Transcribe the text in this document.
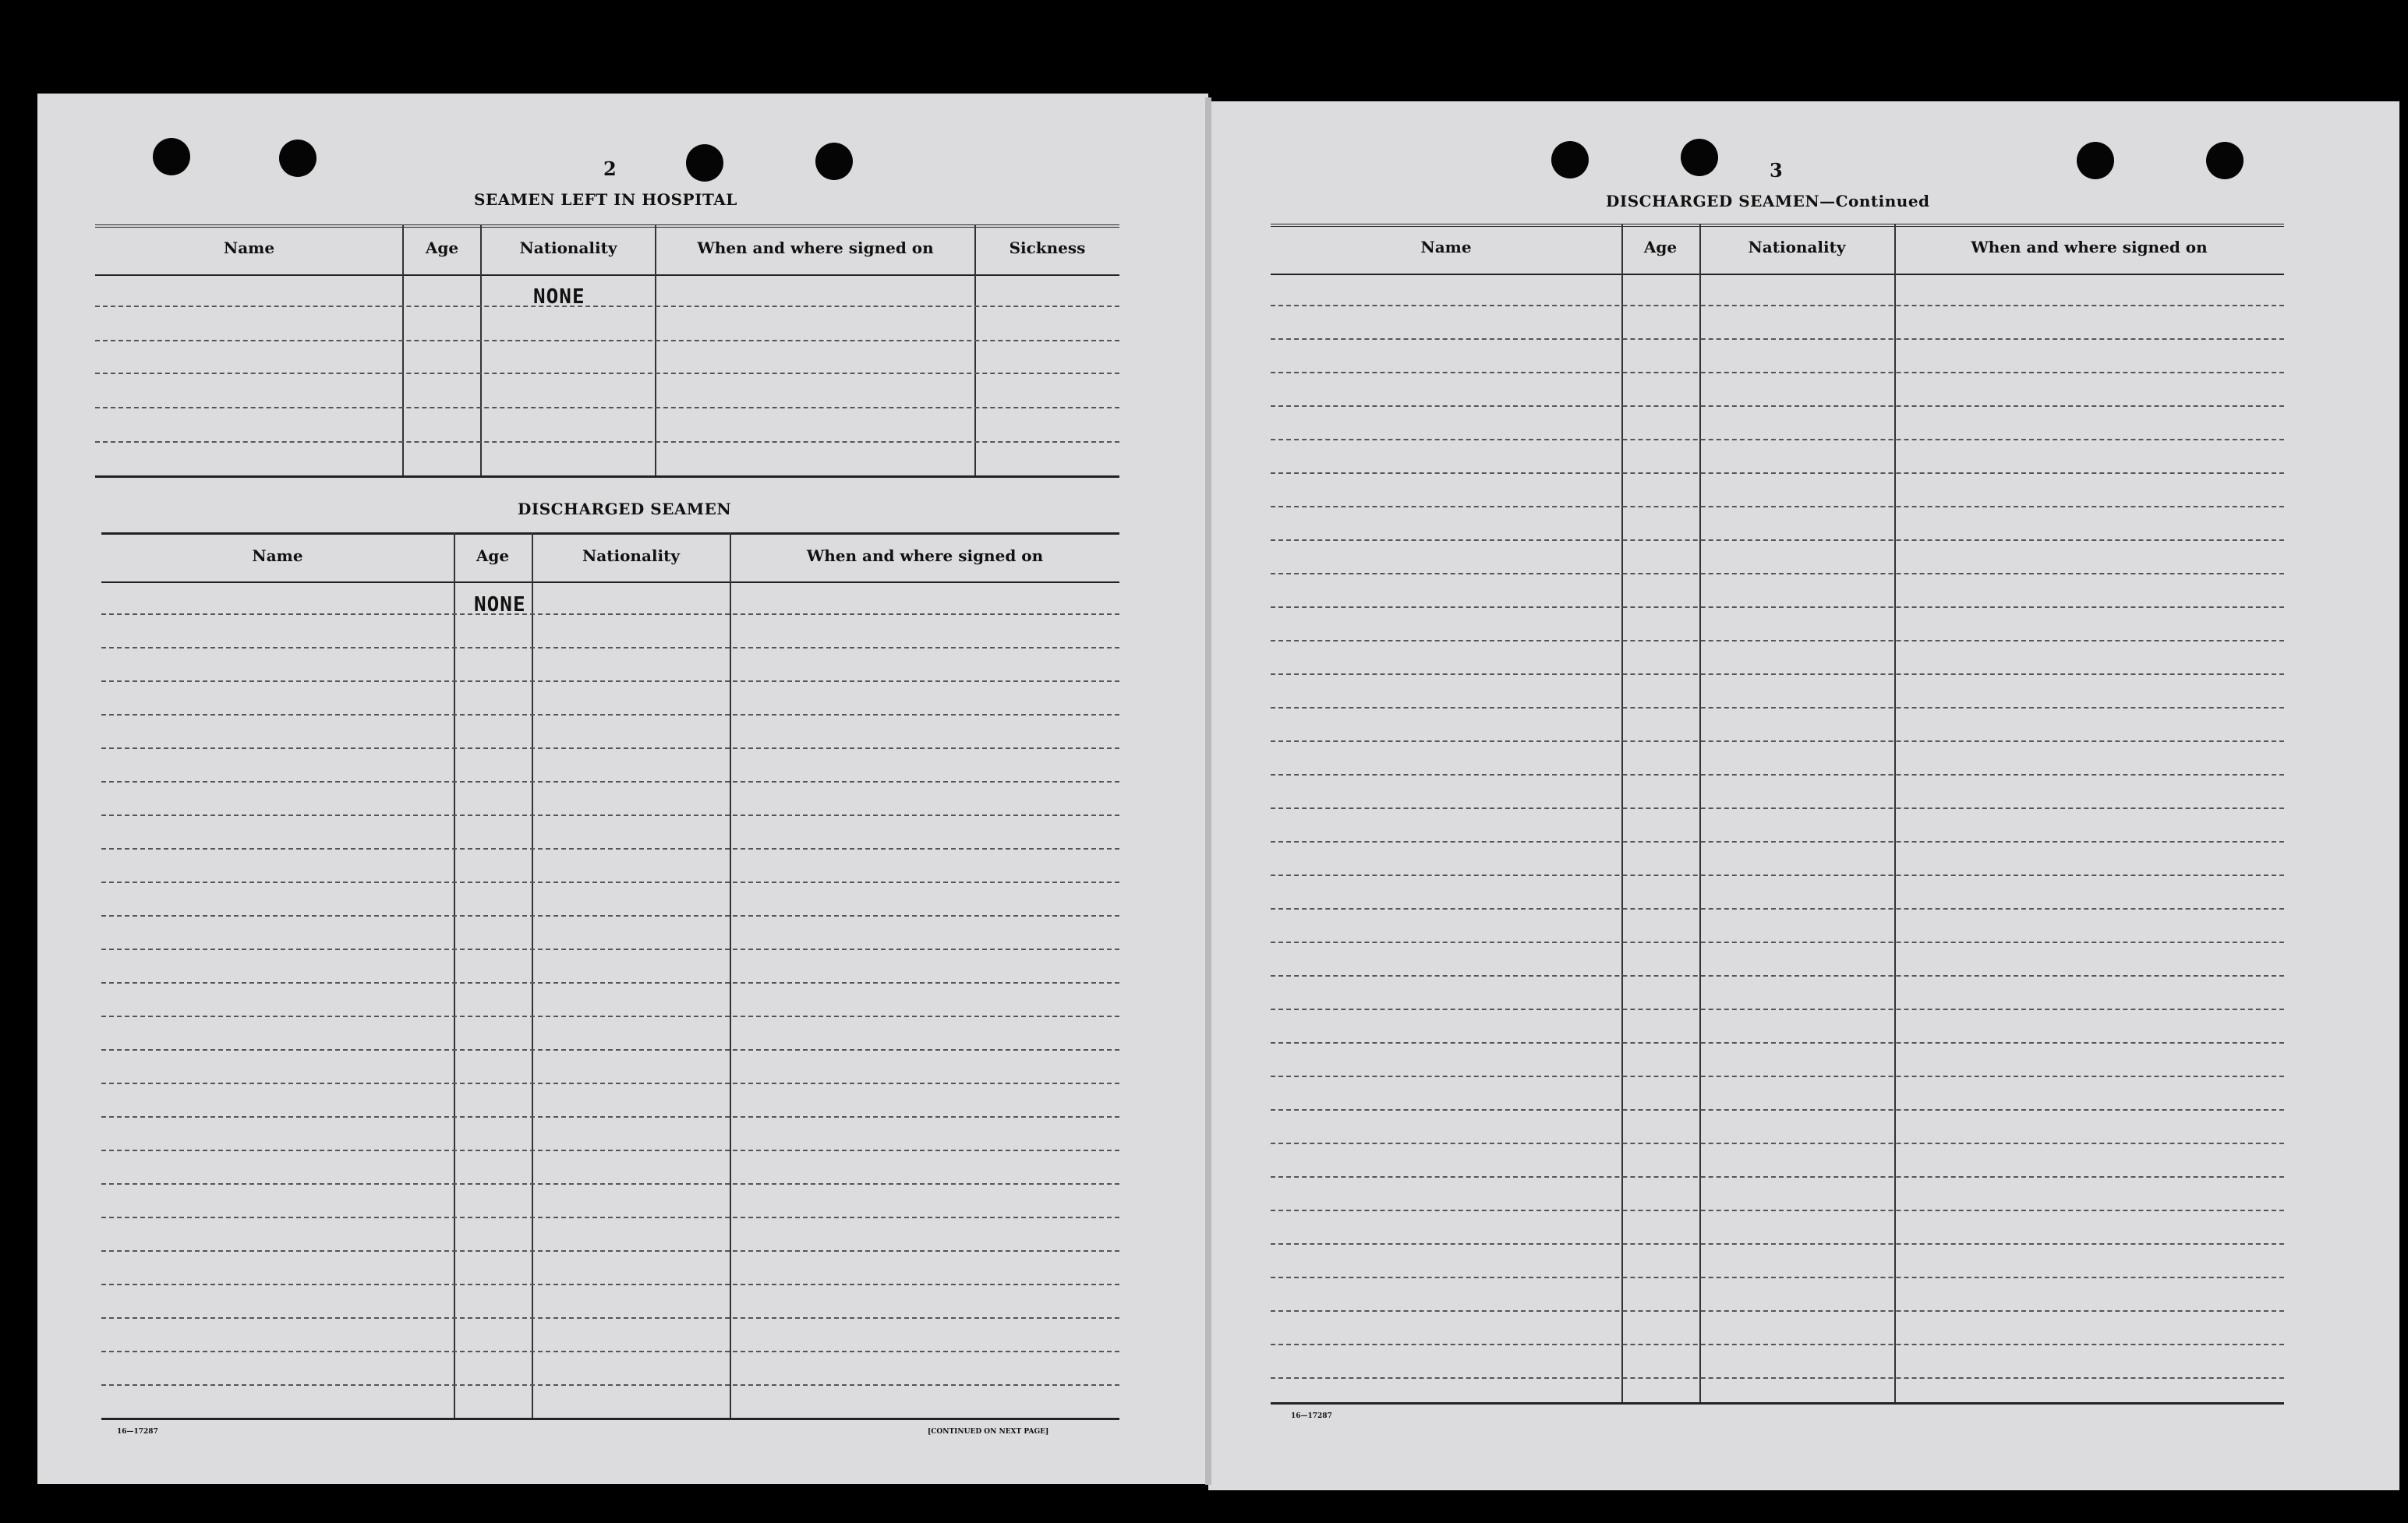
2
SEAMEN LEFT IN HOSPITAL
Name	Age	Nationality	When and where signed on	Sickness
NONE
DISCHARGED SEAMEN
Name	Age	Nationality	When and where signed on
NONE
16—17287	[CONTINUED ON NEXT PAGE]
3
DISCHARGED SEAMEN—Continued
Name	Age	Nationality	When and where signed on
16—17287
